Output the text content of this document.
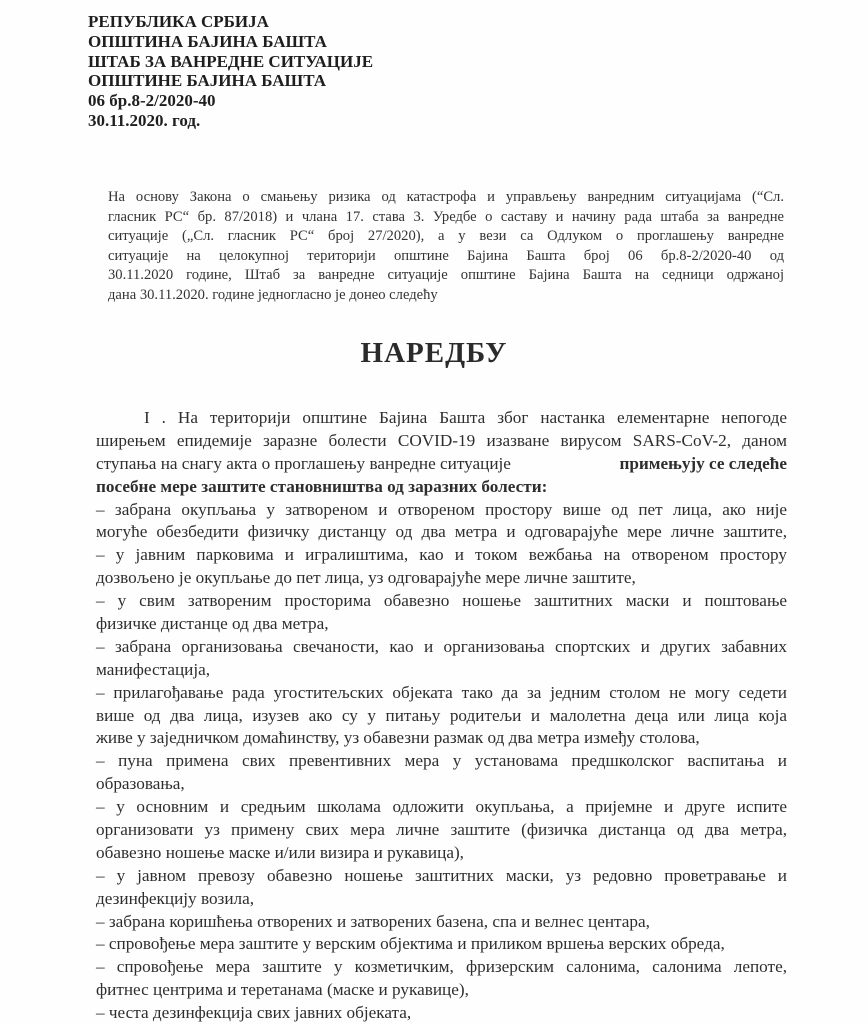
РЕПУБЛИКА СРБИЈА
ОПШТИНА БАЈИНА БАШТА
ШТАБ ЗА ВАНРЕДНЕ СИТУАЦИЈЕ
ОПШТИНЕ БАЈИНА БАШТА
06 бр.8-2/2020-40
30.11.2020. год.
На основу Закона о смањењу ризика од катастрофа и управљењу ванредним ситуацијама (“Сл.
гласник РС“ бр. 87/2018) и члана 17. става 3. Уредбе о саставу и начину рада штаба за ванредне
ситуације („Сл. гласник РС“ број 27/2020), а у вези са Одлуком о проглашењу ванредне
ситуације на целокупној територији општине Бајина Башта број 06 бр.8-2/2020-40 од
30.11.2020 године, Штаб за ванредне ситуације општине Бајина Башта на седници одржаној
дана 30.11.2020. године једногласно је донео следећу
НАРЕДБУ
I . На територији општине Бајина Башта због настанка елементарне непогоде
ширењем епидемије заразне болести COVID-19 изазване вирусом SARS-CoV-2, даном
ступања на снагу акта о проглашењу ванредне ситуације	примењују се следеће
посебне мере заштите становништва од заразних болести:
– забрана окупљања у затвореном и отвореном простору више од пет лица, ако није
могуће обезбедити физичку дистанцу од два метра и одговарајуће мере личне заштите,
– у јавним парковима и игралиштима, као и током вежбања на отвореном простору
дозвољено је окупљање до пет лица, уз одговарајуће мере личне заштите,
– у свим затвореним просторима обавезно ношење заштитних маски и поштовање
физичке дистанце од два метра,
– забрана организовања свечаности, као и организовања спортских и других забавних
манифестација,
– прилагођавање рада угоститељских објеката тако да за једним столом не могу седети
више од два лица, изузев ако су у питању родитељи и малолетна деца или лица која
живе у заједничком домаћинству, уз обавезни размак од два метра између столова,
– пуна примена свих превентивних мера у установама предшколског васпитања и
образовања,
– у основним и средњим школама одложити окупљања, а пријемне и друге испите
организовати уз примену свих мера личне заштите (физичка дистанца од два метра,
обавезно ношење маске и/или визира и рукавица),
– у јавном превозу обавезно ношење заштитних маски, уз редовно проветравање и
дезинфекцију возила,
– забрана коришћења отворених и затворених базена, спа и велнес центара,
– спровођење мера заштите у верским објектима и приликом вршења верских обреда,
– спровођење мера заштите у козметичким, фризерским салонима, салонима лепоте,
фитнес центрима и теретанама (маске и рукавице),
– честа дезинфекција свих јавних објеката,
